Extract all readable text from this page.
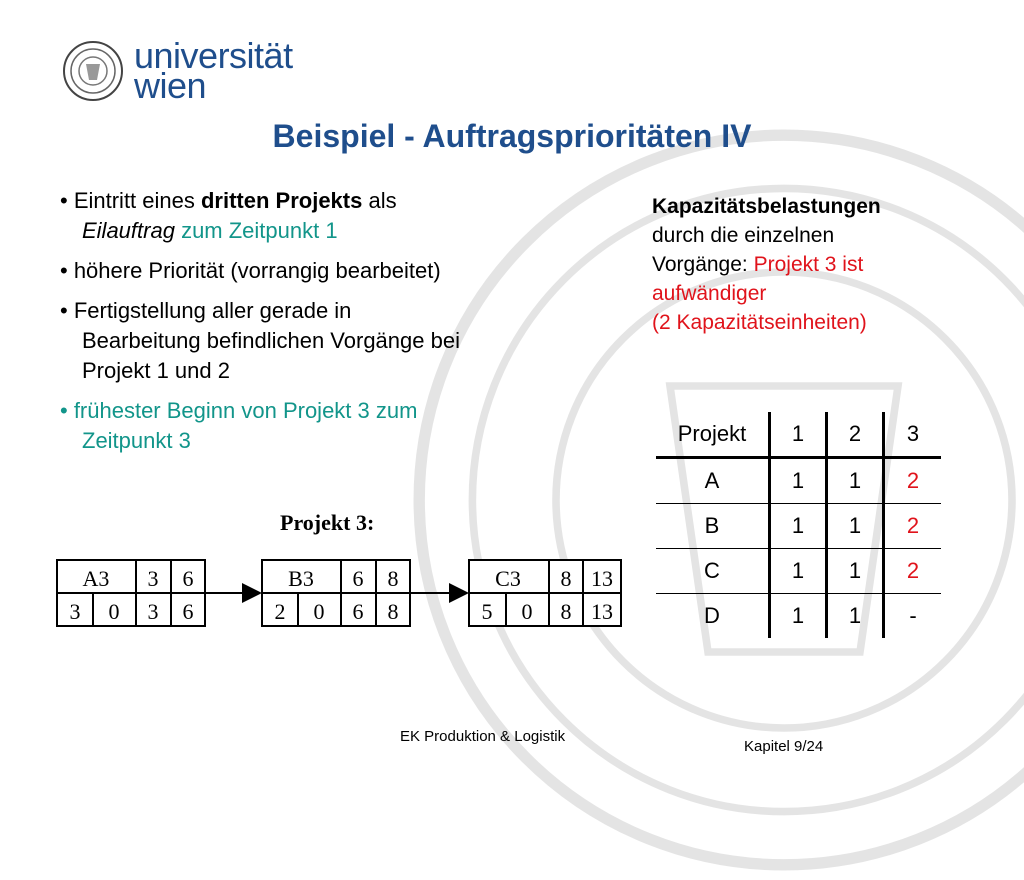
universität
wien
Beispiel - Auftragsprioritäten IV
• Eintritt eines dritten Projekts als
Eilauftrag zum Zeitpunkt 1
• höhere Priorität (vorrangig bearbeitet)
• Fertigstellung aller gerade in
Bearbeitung befindlichen Vorgänge bei
Projekt 1 und 2
• frühester Beginn von Projekt 3 zum
Zeitpunkt 3
Kapazitätsbelastungen
durch die einzelnen
Vorgänge: Projekt 3 ist
aufwändiger
(2 Kapazitätseinheiten)
Projekt	1	2	3
A	1	1	2
B	1	1	2
C	1	1	2
D	1	1	-
Projekt 3:
A3 3 6
3 0 3 6
B3 6 8
2 0 6 8
C3 8 13
5 0 8 13
EK Produktion & Logistik
Kapitel 9/24
